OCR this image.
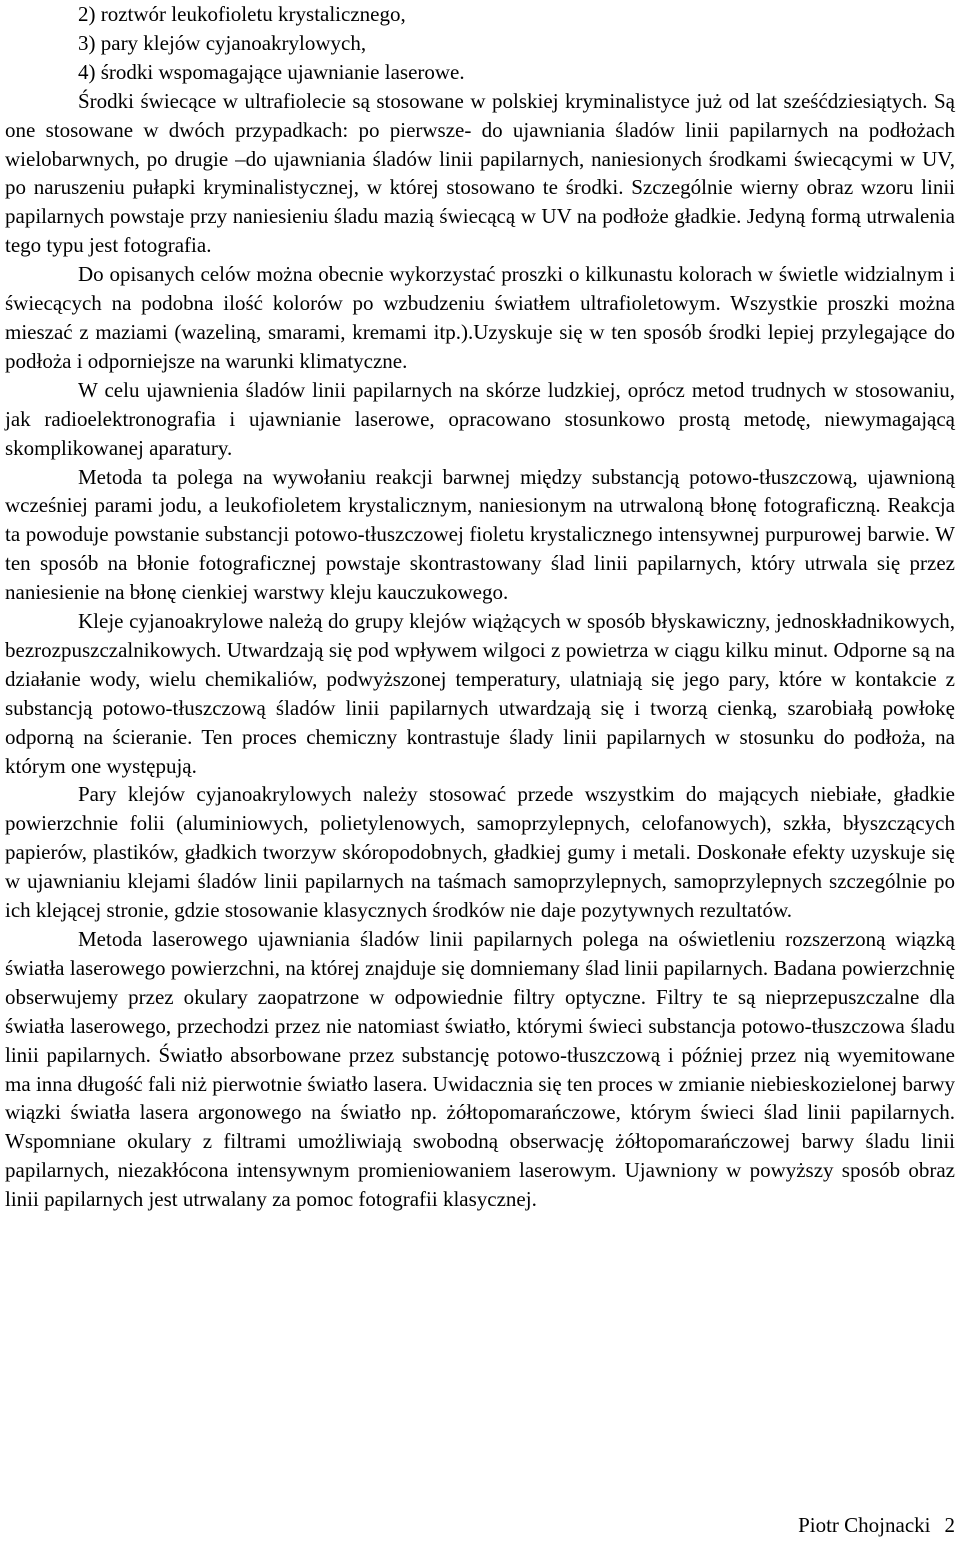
2) roztwór leukofioletu krystalicznego,
3) pary klejów cyjanoakrylowych,
4) środki wspomagające ujawnianie laserowe.

Środki świecące w ultrafiolecie są stosowane w polskiej kryminalistyce już od lat sześćdziesiątych. Są one stosowane w dwóch przypadkach: po pierwsze- do ujawniania śladów linii papilarnych na podłożach wielobarwnych, po drugie –do ujawniania śladów linii papilarnych, naniesionych środkami świecącymi w UV, po naruszeniu pułapki kryminalistycznej, w której stosowano te środki. Szczególnie wierny obraz wzoru linii papilarnych powstaje przy naniesieniu śladu mazią świecącą w UV na podłoże gładkie. Jedyną formą utrwalenia tego typu jest fotografia.

Do opisanych celów można obecnie wykorzystać proszki o kilkunastu kolorach w świetle widzialnym i świecących na podobna ilość kolorów po wzbudzeniu światłem ultrafioletowym. Wszystkie proszki można mieszać z maziami (wazeliną, smarami, kremami itp.).Uzyskuje się w ten sposób środki lepiej przylegające do podłoża i odporniejsze na warunki klimatyczne.

W celu ujawnienia śladów linii papilarnych na skórze ludzkiej, oprócz metod trudnych w stosowaniu, jak radioelektronografia i ujawnianie laserowe, opracowano stosunkowo prostą metodę, niewymagającą skomplikowanej aparatury.

Metoda ta polega na wywołaniu reakcji barwnej między substancją potowo-tłuszczową, ujawnioną wcześniej parami jodu, a leukofioletem krystalicznym, naniesionym na utrwaloną błonę fotograficzną. Reakcja ta powoduje powstanie substancji potowo-tłuszczowej fioletu krystalicznego intensywnej purpurowej barwie. W ten sposób na błonie fotograficznej powstaje skontrastowany ślad linii papilarnych, który utrwala się przez naniesienie na błonę cienkiej warstwy kleju kauczukowego.

Kleje cyjanoakrylowe należą do grupy klejów wiążących w sposób błyskawiczny, jednoskładnikowych, bezrozpuszczalnikowych. Utwardzają się pod wpływem wilgoci z powietrza w ciągu kilku minut. Odporne są na działanie wody, wielu chemikaliów, podwyższonej temperatury, ulatniają się jego pary, które w kontakcie z substancją potowo-tłuszczową śladów linii papilarnych utwardzają się i tworzą cienką, szarobiałą powłokę odporną na ścieranie. Ten proces chemiczny kontrastuje ślady linii papilarnych w stosunku do podłoża, na którym one występują.

Pary klejów cyjanoakrylowych należy stosować przede wszystkim do mających niebiałe, gładkie powierzchnie folii (aluminiowych, polietylenowych, samoprzylepnych, celofanowych), szkła, błyszczących papierów, plastików, gładkich tworzyw skóropodobnych, gładkiej gumy i metali. Doskonałe efekty uzyskuje się w ujawnianiu klejami śladów linii papilarnych na taśmach samoprzylepnych, samoprzylepnych szczególnie po ich klejącej stronie, gdzie stosowanie klasycznych środków nie daje pozytywnych rezultatów.

Metoda laserowego ujawniania śladów linii papilarnych polega na oświetleniu rozszerzoną wiązką światła laserowego powierzchni, na której znajduje się domniemany ślad linii papilarnych. Badana powierzchnię obserwujemy przez okulary zaopatrzone w odpowiednie filtry optyczne. Filtry te są nieprzepuszczalne dla światła laserowego, przechodzi przez nie natomiast światło, którymi świeci substancja potowo-tłuszczowa śladu linii papilarnych. Światło absorbowane przez substancję potowo-tłuszczową i później przez nią wyemitowane ma inna długość fali niż pierwotnie światło lasera. Uwidacznia się ten proces w zmianie niebieskozielonej barwy wiązki światła lasera argonowego na światło np. żółtopomarańczowe, którym świeci ślad linii papilarnych. Wspomniane okulary z filtrami umożliwiają swobodną obserwację żółtopomarańczowej barwy śladu linii papilarnych, niezakłócona intensywnym promieniowaniem laserowym. Ujawniony w powyższy sposób obraz linii papilarnych jest utrwalany za pomoc fotografii klasycznej.

Piotr Chojnacki 2
